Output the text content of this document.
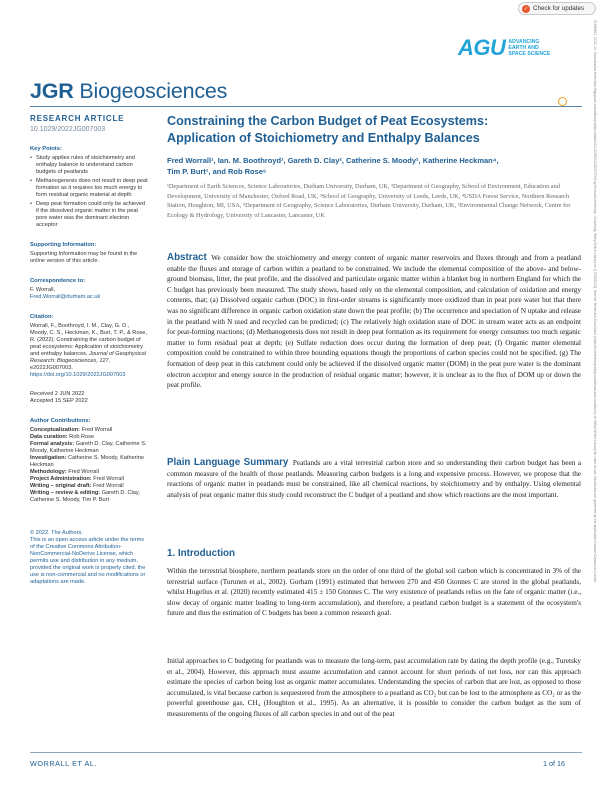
✓ Check for updates
AGU ADVANCING
EARTH AND
SPACE SCIENCE
JGR Biogeosciences
RESEARCH ARTICLE
10.1029/2022JG007003
Key Points:
• Study applies rules of stoichiometry and enthalpy balance to understand carbon budgets of peatlands
• Methanogenesis does not result in deep peat formation as it requires too much energy to form residual organic material at depth
• Deep peat formation could only be achieved if the dissolved organic matter in the peat pore water was the dominant electron acceptor
Supporting Information:
Supporting Information may be found in the online version of this article.
Correspondence to:
F. Worrall,
Fred.Worrall@durham.ac.uk
Citation:
Worrall, F., Boothroyd, I. M., Clay, G. D., Moody, C. S., Heckman, K., Burt, T. P., & Rose, R. (2022). Constraining the carbon budget of peat ecosystems: Application of stoichiometry and enthalpy balances. Journal of Geophysical Research: Biogeosciences, 127, e2022JG007003. https://doi.org/10.1029/2022JG007003
Received 2 JUN 2022
Accepted 15 SEP 2022
Author Contributions:
Conceptualization: Fred Worrall
Data curation: Rob Rose
Formal analysis: Gareth D. Clay, Catherine S. Moody, Katherine Heckman
Investigation: Catherine S. Moody, Katherine Heckman
Methodology: Fred Worrall
Project Administration: Fred Worrall
Writing – original draft: Fred Worrall
Writing – review & editing: Gareth D. Clay, Catherine S. Moody, Tim P. Burt
© 2022. The Authors.
This is an open access article under the terms of the Creative Commons Attribution-NonCommercial-NoDerivs License, which permits use and distribution in any medium, provided the original work is properly cited, the use is non-commercial and no modifications or adaptations are made.
Constraining the Carbon Budget of Peat Ecosystems:
Application of Stoichiometry and Enthalpy Balances
Fred Worrall¹, Ian. M. Boothroyd¹, Gareth D. Clay², Catherine S. Moody², Katherine Heckman⁴,
Tim P. Burt¹, and Rob Rose⁶
¹Department of Earth Sciences, Science Laboratories, Durham University, Durham, UK, ²Department of Geography, School of Environment, Education and Development, University of Manchester, Oxford Road, UK, ³School of Geography, University of Leeds, Leeds, UK, ⁴USDA Forest Service, Northern Research Station, Houghton, MI, USA, ⁵Department of Geography, Science Laboratories, Durham University, Durham, UK, ⁶Environmental Change Network, Centre for Ecology & Hydrology, University of Lancaster, Lancaster, UK
Abstract We consider how the stoichiometry and energy content of organic matter reservoirs and fluxes through and from a peatland enable the fluxes and storage of carbon within a peatland to be constrained. We include the elemental composition of the above- and below-ground biomass, litter, the peat profile, and the dissolved and particulate organic matter within a blanket bog in northern England for which the C budget has previously been measured. The study shows, based only on the elemental composition, and calculation of oxidation and energy contents, that; (a) Dissolved organic carbon (DOC) in first-order streams is significantly more oxidized than in peat pore water but that there was no significant difference in organic carbon oxidation state down the peat profile; (b) The occurrence and speciation of N uptake and release in the peatland with N used and recycled can be predicted; (c) The relatively high oxidation state of DOC in stream water acts as an endpoint for peat-forming reactions; (d) Methanogenesis does not result in deep peat formation as its requirement for energy consumes too much organic matter to form residual peat at depth; (e) Sulfate reduction does occur during the formation of deep peat; (f) Organic matter elemental composition could be constrained to within three bounding equations though the proportions of carbon species could not be specified. (g) The formation of deep peat in this catchment could only be achieved if the dissolved organic matter (DOM) in the peat pore water is the dominant electron acceptor and energy source in the production of residual organic matter; however, it is unclear as to the flux of DOM up or down the peat profile.
Plain Language Summary Peatlands are a vital terrestrial carbon store and so understanding their carbon budget has been a common measure of the health of those peatlands. Measuring carbon budgets is a long and expensive process. However, we propose that the reactions of organic matter in peatlands must be constrained, like all chemical reactions, by stoichiometry and by enthalpy. Using elemental analysis of peat organic matter this study could reconstruct the C budget of a peatland and show which reactions are the most important.
1. Introduction
Within the terrestrial biosphere, northern peatlands store on the order of one third of the global soil carbon which is concentrated in 3% of the terrestrial surface (Turunen et al., 2002). Gorham (1991) estimated that between 270 and 450 Gtonnes C are stored in the global peatlands, whilst Hugelius et al. (2020) recently estimated 415 ± 150 Gtonnes C. The very existence of peatlands relies on the fate of organic matter (i.e., slow decay of organic matter leading to long-term accumulation), and therefore, a peatland carbon budget is a statement of the ecosystem's future and thus the estimation of C budgets has been a common research goal.
Initial approaches to C budgeting for peatlands was to measure the long-term, past accumulation rate by dating the depth profile (e.g., Turetsky et al., 2004). However, this approach must assume accumulation and cannot account for short periods of net loss, nor can this approach estimate the species of carbon being lost as organic matter accumulates. Understanding the species of carbon that are lost, as opposed to those accumulated, is vital because carbon is sequestered from the atmosphere to a peatland as CO₂ but can be lost to the atmosphere as CO₂ or as the powerful greenhouse gas, CH₄ (Houghton et al., 1995). As an alternative, it is possible to consider the carbon budget as the sum of measurements of the ongoing fluxes of all carbon species in and out of the peat
WORRALL ET AL.	1 of 16
21698961, 2022, 10, Downloaded from https://agupubs.onlinelibrary.wiley.com/doi/10.1029/2022JG007003 by Durham University - University, Wiley Online Library on [17/03/2023]. See the Terms and Conditions (https://onlinelibrary.wiley.com/terms-and-conditions) on Wiley Online Library for rules of use; OA articles are governed by the applicable Creative Commons License
